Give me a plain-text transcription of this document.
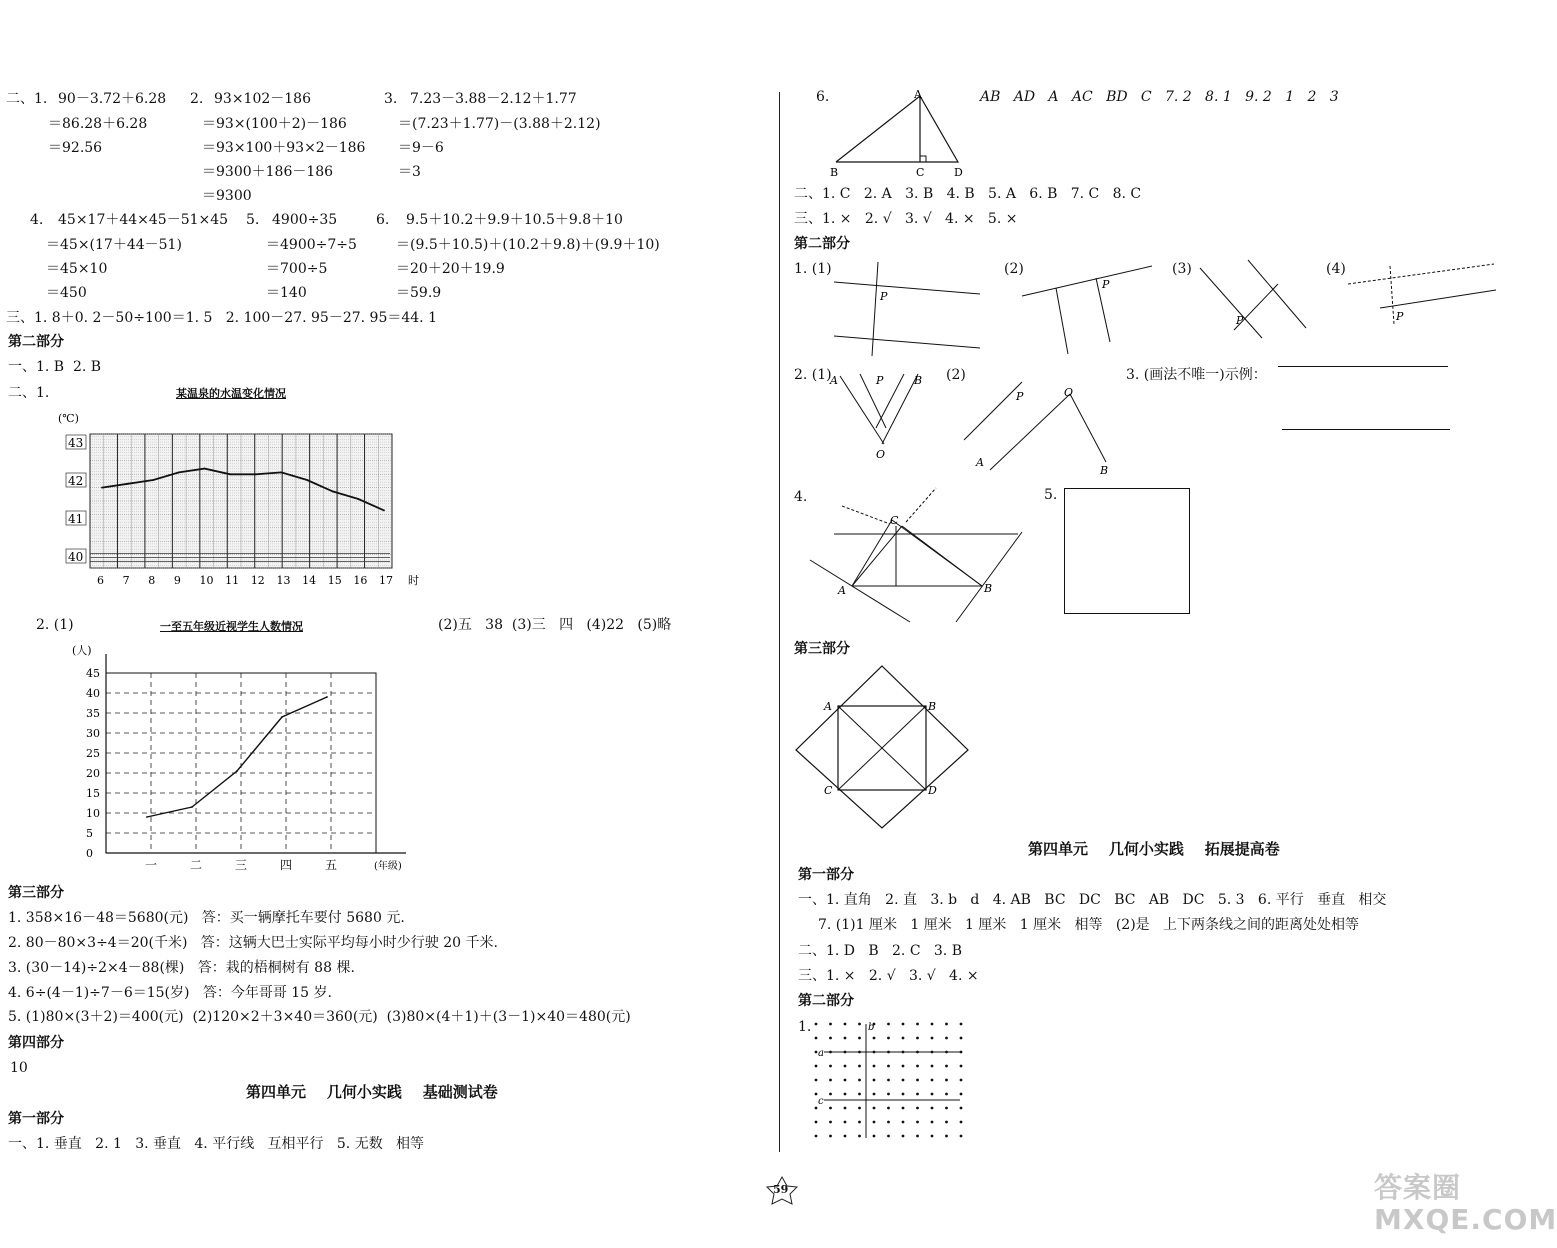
二、1.	2.	3.
90－3.72＋6.28
＝86.28＋6.28
＝92.56
93×102－186
＝93×(100＋2)－186
＝93×100＋93×2－186
＝9300＋186－186
＝9300
7.23－3.88－2.12＋1.77
＝(7.23＋1.77)－(3.88＋2.12)
＝9－6
＝3
4.	5.	6.
45×17＋44×45－51×45
＝45×(17＋44－51)
＝45×10
＝450
4900÷35
＝4900÷7÷5
＝700÷5
＝140
9.5＋10.2＋9.9＋10.5＋9.8＋10
＝(9.5＋10.5)＋(10.2＋9.8)＋(9.9＋10)
＝20＋20＋19.9
＝59.9
三、1. 8＋0. 2－50÷100＝1. 5   2. 100－27. 95－27. 95＝44. 1
第二部分
一、1. B  2. B
二、1.	某温泉的水温变化情况
40
41
42
43
(℃)
6 7 8 9 10 11 12 13 14 15 16 17 时
2. (1)	一至五年级近视学生人数情况	(2)五   38  (3)三   四   (4)22   (5)略
0
5
10
15
20
25
30
35
40
45
(人)
一	二	三	四	五	(年级)
第三部分
1. 358×16－48＝5680(元)   答：买一辆摩托车要付 5680 元.
2. 80－80×3÷4＝20(千米)   答：这辆大巴士实际平均每小时少行驶 20 千米.
3. (30－14)÷2×4－88(棵)   答：栽的梧桐树有 88 棵.
4. 6÷(4－1)÷7－6＝15(岁)   答：今年哥哥 15 岁.
5. (1)80×(3＋2)＝400(元)  (2)120×2＋3×40＝360(元)  (3)80×(4＋1)＋(3－1)×40＝480(元)
第四部分
10
第四单元    几何小实践    基础测试卷
第一部分
一、1. 垂直   2. 1   3. 垂直   4. 平行线   互相平行   5. 无数   相等
6.	A
B	C	D
AB   AD   A   AC   BD   C   7. 2   8. 1   9. 2   1   2   3
二、1. C   2. A   3. B   4. B   5. A   6. B   7. C   8. C
三、1. ×   2. √   3. √   4. ×   5. ×
第二部分
1. (1)
P
(2)
P
(3)
P
(4)
P
2. (1)
A	P	B
O
(2)
P
A
O
B
3. (画法不唯一)示例：
4.
C
A	B
5.
第三部分
A	B
C	D
第四单元    几何小实践    拓展提高卷
第一部分
一、1. 直角   2. 直   3. b   d   4. AB   BC   DC   BC   AB   DC   5. 3   6. 平行   垂直   相交
7. (1)1 厘米   1 厘米   1 厘米   1 厘米   相等   (2)是   上下两条线之间的距离处处相等
二、1. D   B   2. C   3. B
三、1. ×   2. √   3. √   4. ×
第二部分
1.	b
a
c
59	答案圈 MXQE.COM
